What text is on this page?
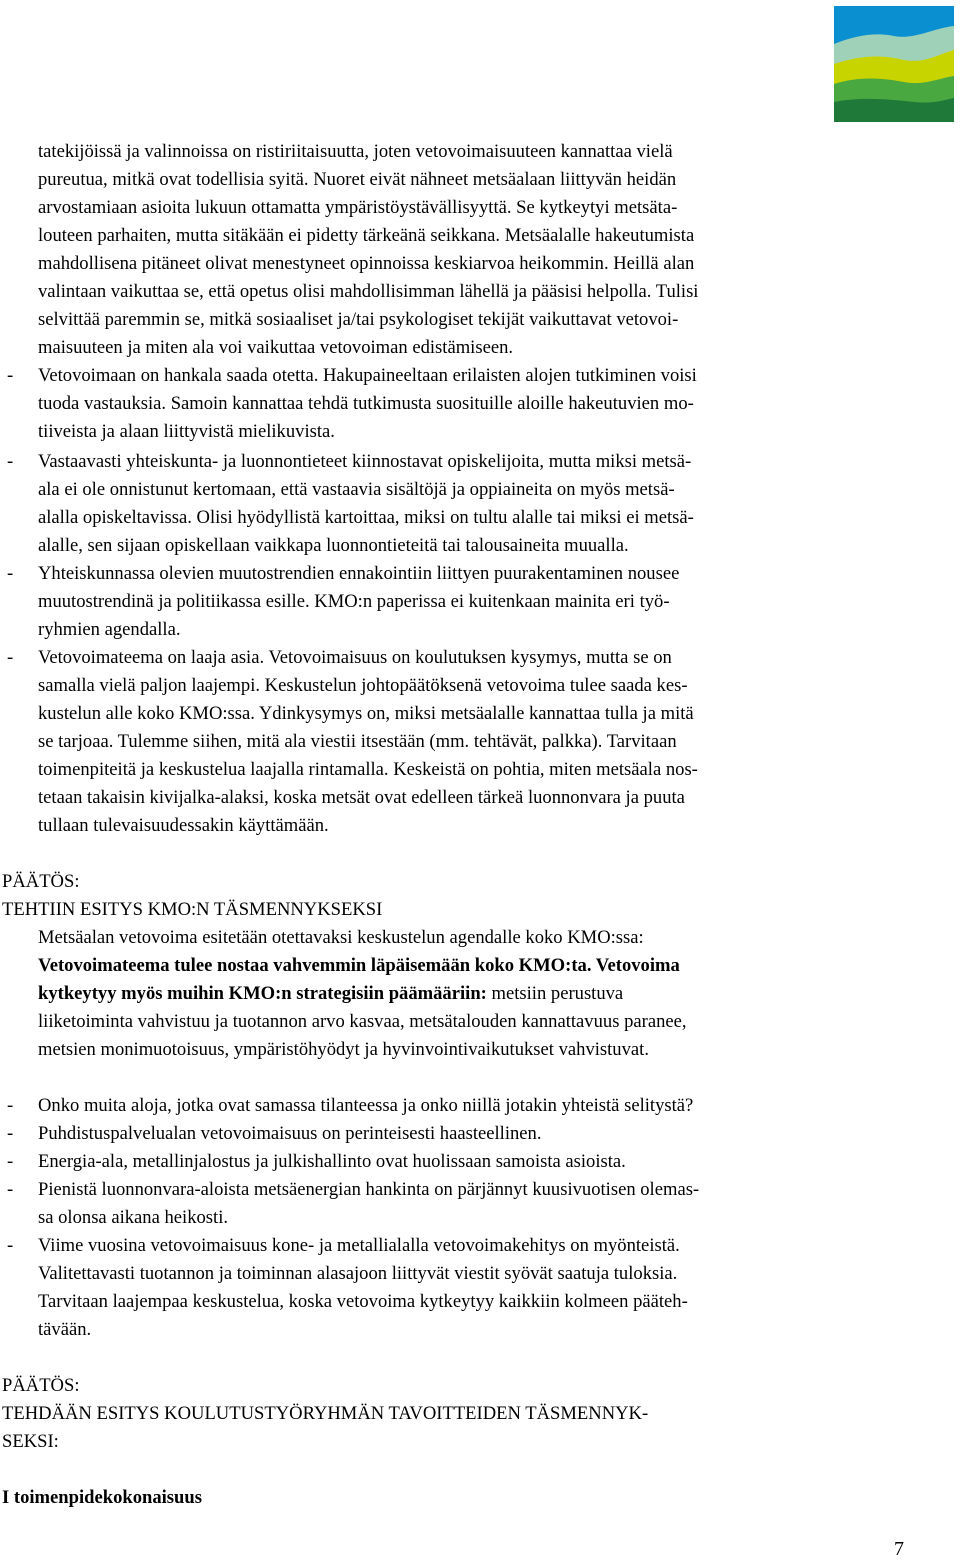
tatekijöissä ja valinnoissa on ristiriitaisuutta, joten vetovoimaisuuteen kannattaa vielä
pureutua, mitkä ovat todellisia syitä. Nuoret eivät nähneet metsäalaan liittyvän heidän
arvostamiaan asioita lukuun ottamatta ympäristöystävällisyyttä. Se kytkeytyi metsäta-
louteen parhaiten, mutta sitäkään ei pidetty tärkeänä seikkana. Metsäalalle hakeutumista
mahdollisena pitäneet olivat menestyneet opinnoissa keskiarvoa heikommin. Heillä alan
valintaan vaikuttaa se, että opetus olisi mahdollisimman lähellä ja pääsisi helpolla. Tulisi
selvittää paremmin se, mitkä sosiaaliset ja/tai psykologiset tekijät vaikuttavat vetovoi-
maisuuteen ja miten ala voi vaikuttaa vetovoiman edistämiseen.
- Vetovoimaan on hankala saada otetta. Hakupaineeltaan erilaisten alojen tutkiminen voisi
tuoda vastauksia. Samoin kannattaa tehdä tutkimusta suosituille aloille hakeutuvien mo-
tiiveista ja alaan liittyvistä mielikuvista.
- Vastaavasti yhteiskunta- ja luonnontieteet kiinnostavat opiskelijoita, mutta miksi metsä-
ala ei ole onnistunut kertomaan, että vastaavia sisältöjä ja oppiaineita on myös metsä-
alalla opiskeltavissa. Olisi hyödyllistä kartoittaa, miksi on tultu alalle tai miksi ei metsä-
alalle, sen sijaan opiskellaan vaikkapa luonnontieteitä tai talousaineita muualla.
- Yhteiskunnassa olevien muutostrendien ennakointiin liittyen puurakentaminen nousee
muutostrendinä ja politiikassa esille. KMO:n paperissa ei kuitenkaan mainita eri työ-
ryhmien agendalla.
- Vetovoimateema on laaja asia. Vetovoimaisuus on koulutuksen kysymys, mutta se on
samalla vielä paljon laajempi. Keskustelun johtopäätöksenä vetovoima tulee saada kes-
kustelun alle koko KMO:ssa. Ydinkysymys on, miksi metsäalalle kannattaa tulla ja mitä
se tarjoaa. Tulemme siihen, mitä ala viestii itsestään (mm. tehtävät, palkka). Tarvitaan
toimenpiteitä ja keskustelua laajalla rintamalla. Keskeistä on pohtia, miten metsäala nos-
tetaan takaisin kivijalka-alaksi, koska metsät ovat edelleen tärkeä luonnonvara ja puuta
tullaan tulevaisuudessakin käyttämään.
PÄÄTÖS:
TEHTIIN ESITYS KMO:N TÄSMENNYKSEKSI
Metsäalan vetovoima esitetään otettavaksi keskustelun agendalle koko KMO:ssa:
Vetovoimateema tulee nostaa vahvemmin läpäisemään koko KMO:ta. Vetovoima
kytkeytyy myös muihin KMO:n strategisiin päämääriin: metsiin perustuva
liiketoiminta vahvistuu ja tuotannon arvo kasvaa, metsätalouden kannattavuus paranee,
metsien monimuotoisuus, ympäristöhyödyt ja hyvinvointivaikutukset vahvistuvat.
- Onko muita aloja, jotka ovat samassa tilanteessa ja onko niillä jotakin yhteistä selitystä?
- Puhdistuspalvelualan vetovoimaisuus on perinteisesti haasteellinen.
- Energia-ala, metallinjalostus ja julkishallinto ovat huolissaan samoista asioista.
- Pienistä luonnonvara-aloista metsäenergian hankinta on pärjännyt kuusivuotisen olemas-
sa olonsa aikana heikosti.
- Viime vuosina vetovoimaisuus kone- ja metallialalla vetovoimakehitys on myönteistä.
Valitettavasti tuotannon ja toiminnan alasajoon liittyvät viestit syövät saatuja tuloksia.
Tarvitaan laajempaa keskustelua, koska vetovoima kytkeytyy kaikkiin kolmeen pääteh-
tävään.
PÄÄTÖS:
TEHDÄÄN ESITYS KOULUTUSTYÖRYHMÄN TAVOITTEIDEN TÄSMENNYK-
SEKSI:
I toimenpidekokonaisuus
7
